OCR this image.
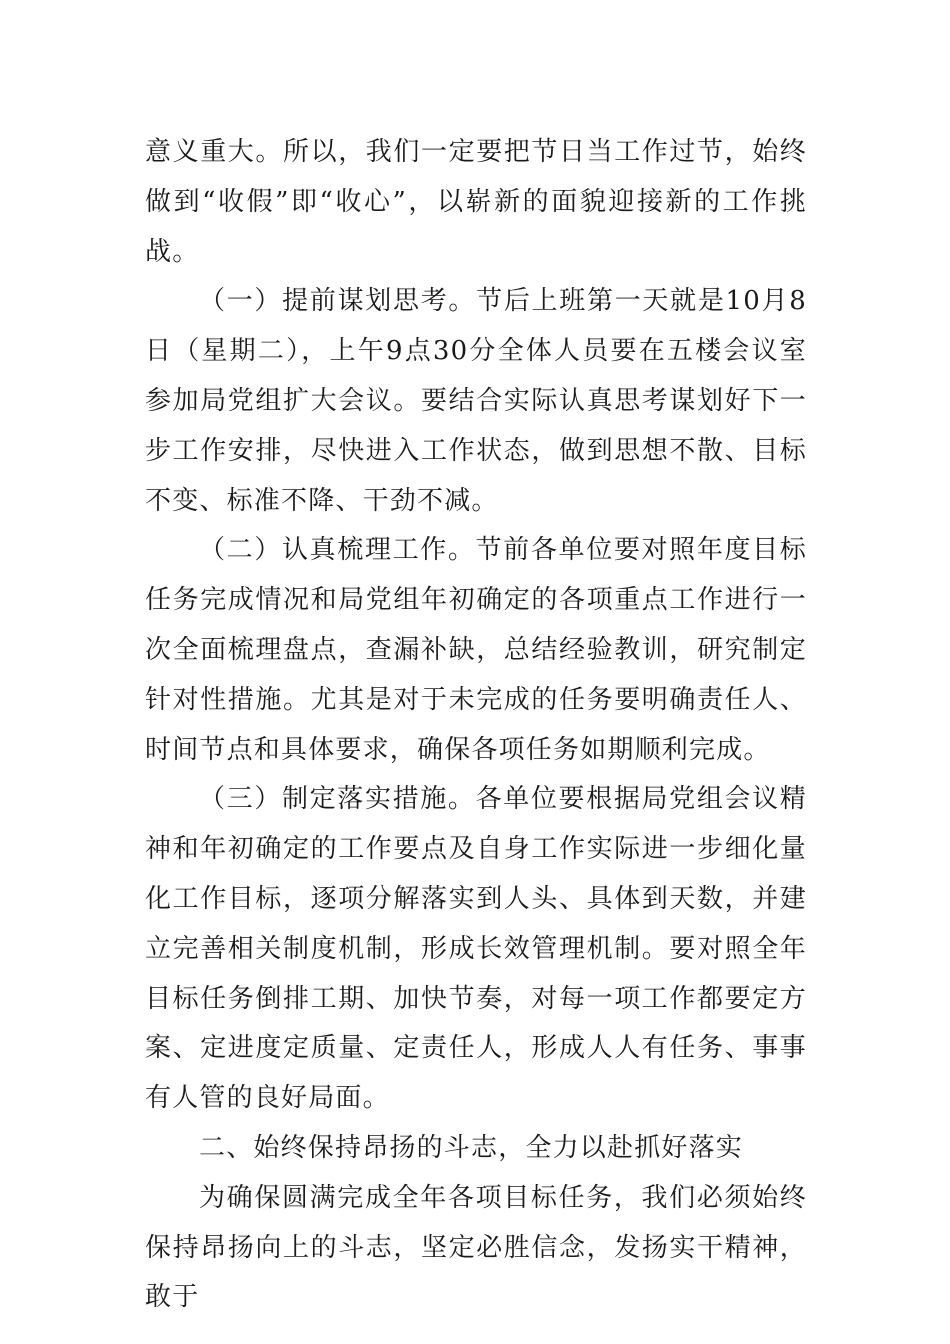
意义重大。所以，我们一定要把节日当工作过节，始终做到“收假”即“收心”，以崭新的面貌迎接新的工作挑战。

（一）提前谋划思考。节后上班第一天就是10月8日（星期二），上午9点30分全体人员要在五楼会议室参加局党组扩大会议。要结合实际认真思考谋划好下一步工作安排，尽快进入工作状态，做到思想不散、目标不变、标准不降、干劲不减。

（二）认真梳理工作。节前各单位要对照年度目标任务完成情况和局党组年初确定的各项重点工作进行一次全面梳理盘点，查漏补缺，总结经验教训，研究制定针对性措施。尤其是对于未完成的任务要明确责任人、时间节点和具体要求，确保各项任务如期顺利完成。

（三）制定落实措施。各单位要根据局党组会议精神和年初确定的工作要点及自身工作实际进一步细化量化工作目标，逐项分解落实到人头、具体到天数，并建立完善相关制度机制，形成长效管理机制。要对照全年目标任务倒排工期、加快节奏，对每一项工作都要定方案、定进度定质量、定责任人，形成人人有任务、事事有人管的良好局面。

二、始终保持昂扬的斗志，全力以赴抓好落实

为确保圆满完成全年各项目标任务，我们必须始终保持昂扬向上的斗志，坚定必胜信念，发扬实干精神，敢于
